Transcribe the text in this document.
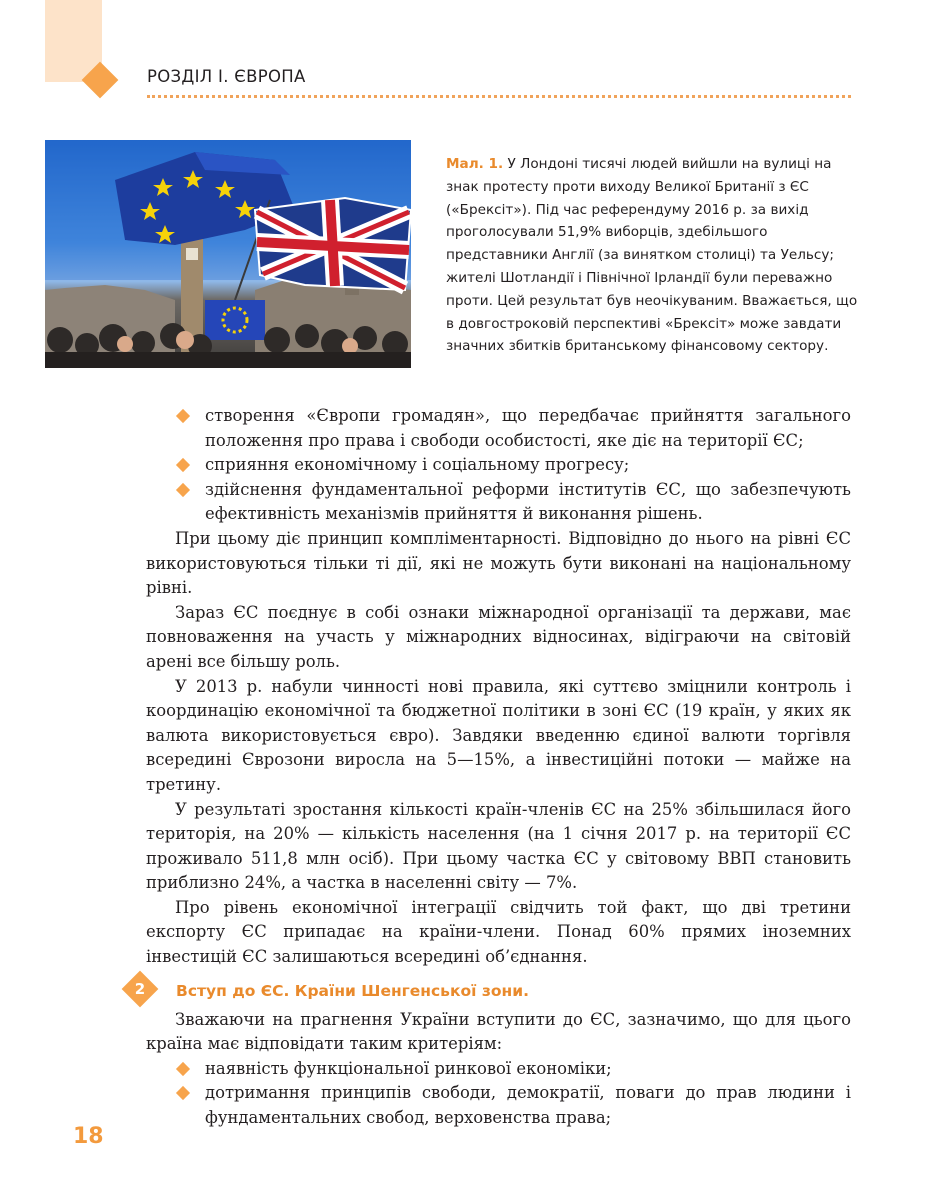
РОЗДІЛ І. ЄВРОПА
Мал. 1. У Лондоні тисячі людей вийшли на вулиці на знак протесту проти виходу Великої Британії з ЄС («Брексіт»). Під час референдуму 2016 р. за вихід проголосували 51,9% виборців, здебільшого представники Англії (за винятком столиці) та Уельсу; жителі Шотландії і Північної Ірландії були переважно проти. Цей результат був неочікуваним. Вважається, що в довгостроковій перспективі «Брексіт» може завдати значних збитків британському фінансовому сектору.

створення «Європи громадян», що передбачає прийняття загального положення про права і свободи особистості, яке діє на території ЄС;

сприяння економічному і соціальному прогресу;

здійснення фундаментальної реформи інститутів ЄС, що забезпечують ефективність механізмів прийняття й виконання рішень.

При цьому діє принцип компліментарності. Відповідно до нього на рівні ЄС використовуються тільки ті дії, які не можуть бути виконані на національному рівні.

Зараз ЄС поєднує в собі ознаки міжнародної організації та держави, має повноваження на участь у міжнародних відносинах, відіграючи на світовій арені все більшу роль.

У 2013 р. набули чинності нові правила, які суттєво зміцнили контроль і координацію економічної та бюджетної політики в зоні ЄС (19 країн, у яких як валюта використовується євро). Завдяки введенню єдиної валюти торгівля всередині Єврозони виросла на 5—15%, а інвестиційні потоки — майже на третину.

У результаті зростання кількості країн-членів ЄС на 25% збільшилася його територія, на 20% — кількість населення (на 1 січня 2017 р. на території ЄС проживало 511,8 млн осіб). При цьому частка ЄС у світовому ВВП становить приблизно 24%, а частка в населенні світу — 7%.

Про рівень економічної інтеграції свідчить той факт, що дві третини експорту ЄС припадає на країни-члени. Понад 60% прямих іноземних інвестицій ЄС залишаються всередині об’єднання.

2	Вступ до ЄС. Країни Шенгенської зони.

Зважаючи на прагнення України вступити до ЄС, зазначимо, що для цього країна має відповідати таким критеріям:

наявність функціональної ринкової економіки;

дотримання принципів свободи, демократії, поваги до прав людини і фундаментальних свобод, верховенства права;

18
